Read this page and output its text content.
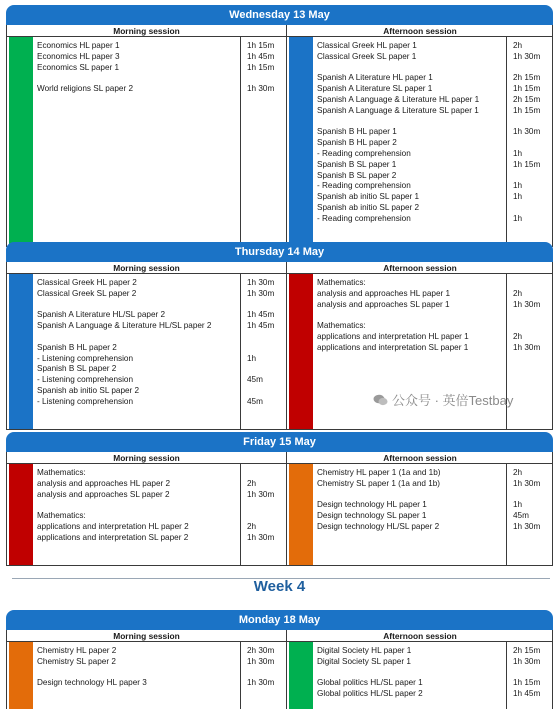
Wednesday 13 May
Morning session	Afternoon session
Economics HL paper 1	1h 15m
Economics HL paper 3	1h 45m
Economics SL paper 1	1h 15m
World religions SL paper 2	1h 30m
Classical Greek HL paper 1	2h
Classical Greek SL paper 1	1h 30m
Spanish A Literature HL paper 1	2h 15m
Spanish A Literature SL paper 1	1h 15m
Spanish A Language & Literature HL paper 1	2h 15m
Spanish A Language & Literature SL paper 1	1h 15m
Spanish B HL paper 1	1h 30m
Spanish B HL paper 2
- Reading comprehension	1h
Spanish B SL paper 1	1h 15m
Spanish B SL paper 2
- Reading comprehension	1h
Spanish ab initio SL paper 1	1h
Spanish ab initio SL paper 2
- Reading comprehension	1h
Thursday 14 May
Morning session	Afternoon session
Classical Greek HL paper 2	1h 30m
Classical Greek SL paper 2	1h 30m
Spanish A Literature HL/SL paper 2	1h 45m
Spanish A Language & Literature HL/SL paper 2	1h 45m
Spanish B HL paper 2
- Listening comprehension	1h
Spanish B SL paper 2
- Listening comprehension	45m
Spanish ab initio SL paper 2
- Listening comprehension	45m
Mathematics:
analysis and approaches HL paper 1	2h
analysis and approaches SL paper 1	1h 30m
Mathematics:
applications and interpretation HL paper 1	2h
applications and interpretation SL paper 1	1h 30m
Friday 15 May
Morning session	Afternoon session
Mathematics:
analysis and approaches HL paper 2	2h
analysis and approaches SL paper 2	1h 30m
Mathematics:
applications and interpretation HL paper 2	2h
applications and interpretation SL paper 2	1h 30m
Chemistry HL paper 1 (1a and 1b)	2h
Chemistry SL paper 1 (1a and 1b)	1h 30m
Design technology HL paper 1	1h
Design technology SL paper 1	45m
Design technology HL/SL paper 2	1h 30m
Monday 18 May
Morning session	Afternoon session
Chemistry HL paper 2	2h 30m
Chemistry SL paper 2	1h 30m
Design technology HL paper 3	1h 30m
Digital Society HL paper 1	2h 15m
Digital Society SL paper 1	1h 30m
Global politics HL/SL paper 1	1h 15m
Global politics HL/SL paper 2	1h 45m
Week 4
公众号 · 英倍Testbay
